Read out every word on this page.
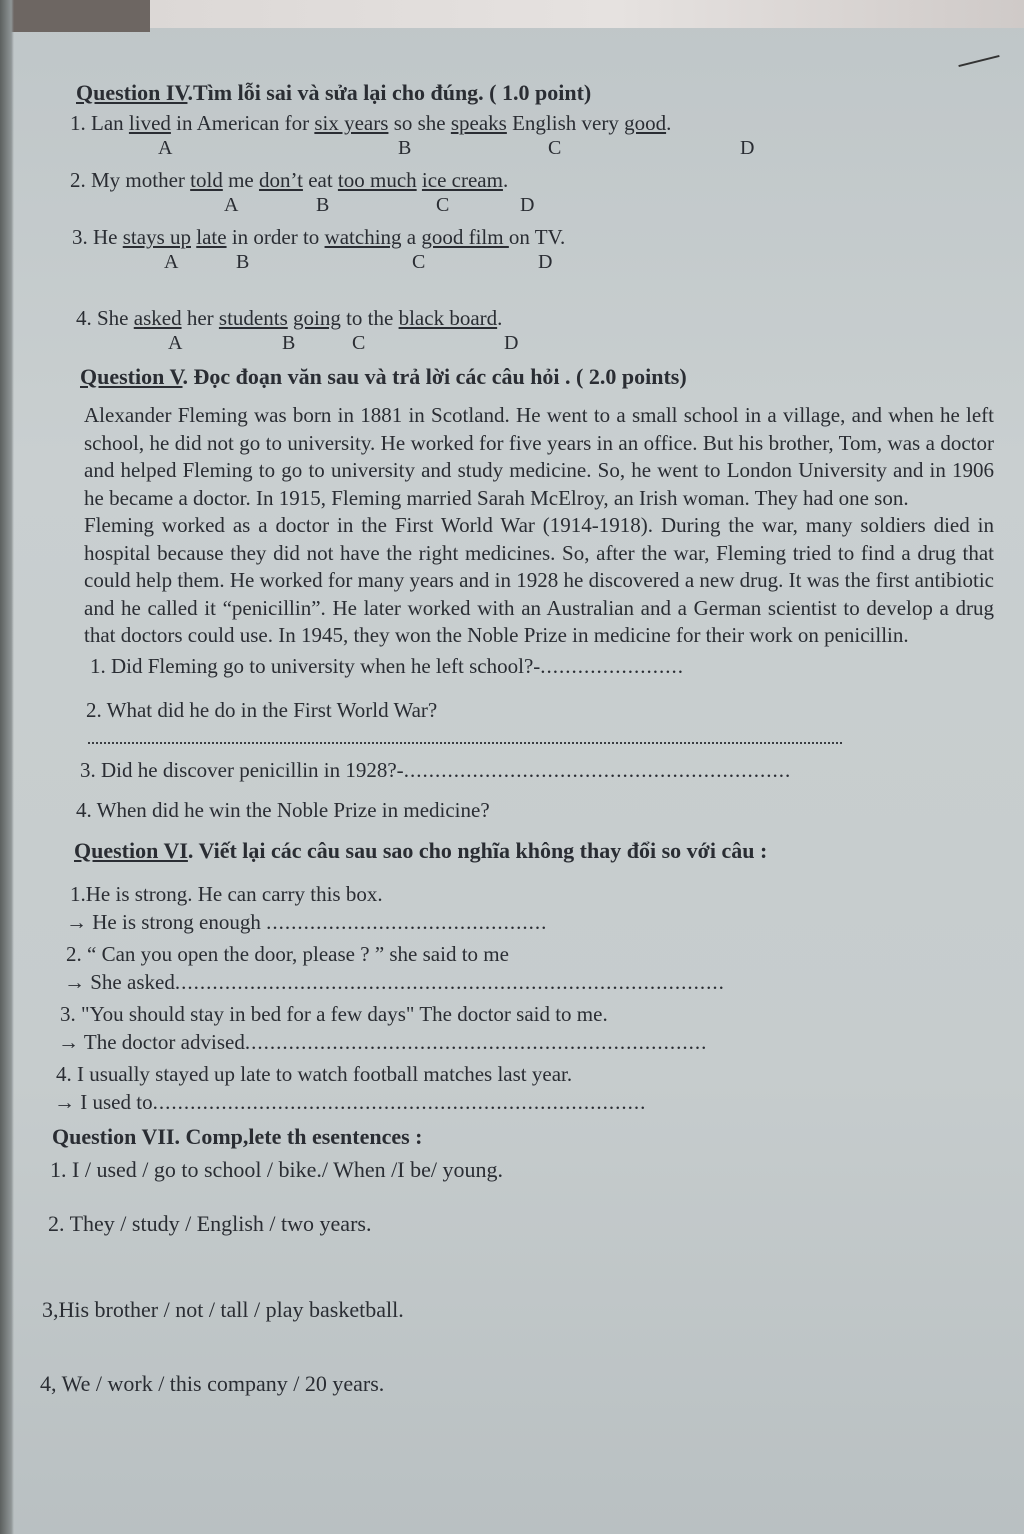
Question IV.Tìm lỗi sai và sửa lại cho đúng. ( 1.0 point)

1. Lan lived in American for six years so she speaks English very good.
A	B	C	D
2. My mother told me don’t eat too much ice cream.
A	B	C	D
3. He stays up late in order to watching a good film on TV.
A	B	C	D
4. She asked her students going to the black board.
A	B	C	D

Question V. Đọc đoạn văn sau và trả lời các câu hỏi . ( 2.0 points)

Alexander Fleming was born in 1881 in Scotland. He went to a small school in a village, and when he left school, he did not go to university. He worked for five years in an office. But his brother, Tom, was a doctor and helped Fleming to go to university and study medicine. So, he went to London University and in 1906 he became a doctor. In 1915, Fleming married Sarah McElroy, an Irish woman. They had one son.
Fleming worked as a doctor in the First World War (1914-1918). During the war, many soldiers died in hospital because they did not have the right medicines. So, after the war, Fleming tried to find a drug that could help them. He worked for many years and in 1928 he discovered a new drug. It was the first antibiotic and he called it “penicillin”. He later worked with an Australian and a German scientist to develop a drug that doctors could use. In 1945, they won the Noble Prize in medicine for their work on penicillin.
1. Did Fleming go to university when he left school?-.......................
2. What did he do in the First World War?
3. Did he discover penicillin in 1928?-..............................................................
4. When did he win the Noble Prize in medicine?

Question VI. Viết lại các câu sau sao cho nghĩa không thay đổi so với câu :

1.He is strong. He can carry this box.
→ He is strong enough .............................................
2. “ Can you open the door, please ? ” she said to me
→ She asked........................................................................................
3. "You should stay in bed for a few days" The doctor said to me.
→ The doctor advised..........................................................................
4. I usually stayed up late to watch football matches last year.
→ I used to...............................................................................

Question VII. Comp,lete th esentences :

1. I / used / go to school / bike./ When /I be/ young.
2. They / study / English / two years.
3,His brother / not / tall / play basketball.
4, We / work / this company / 20 years.
